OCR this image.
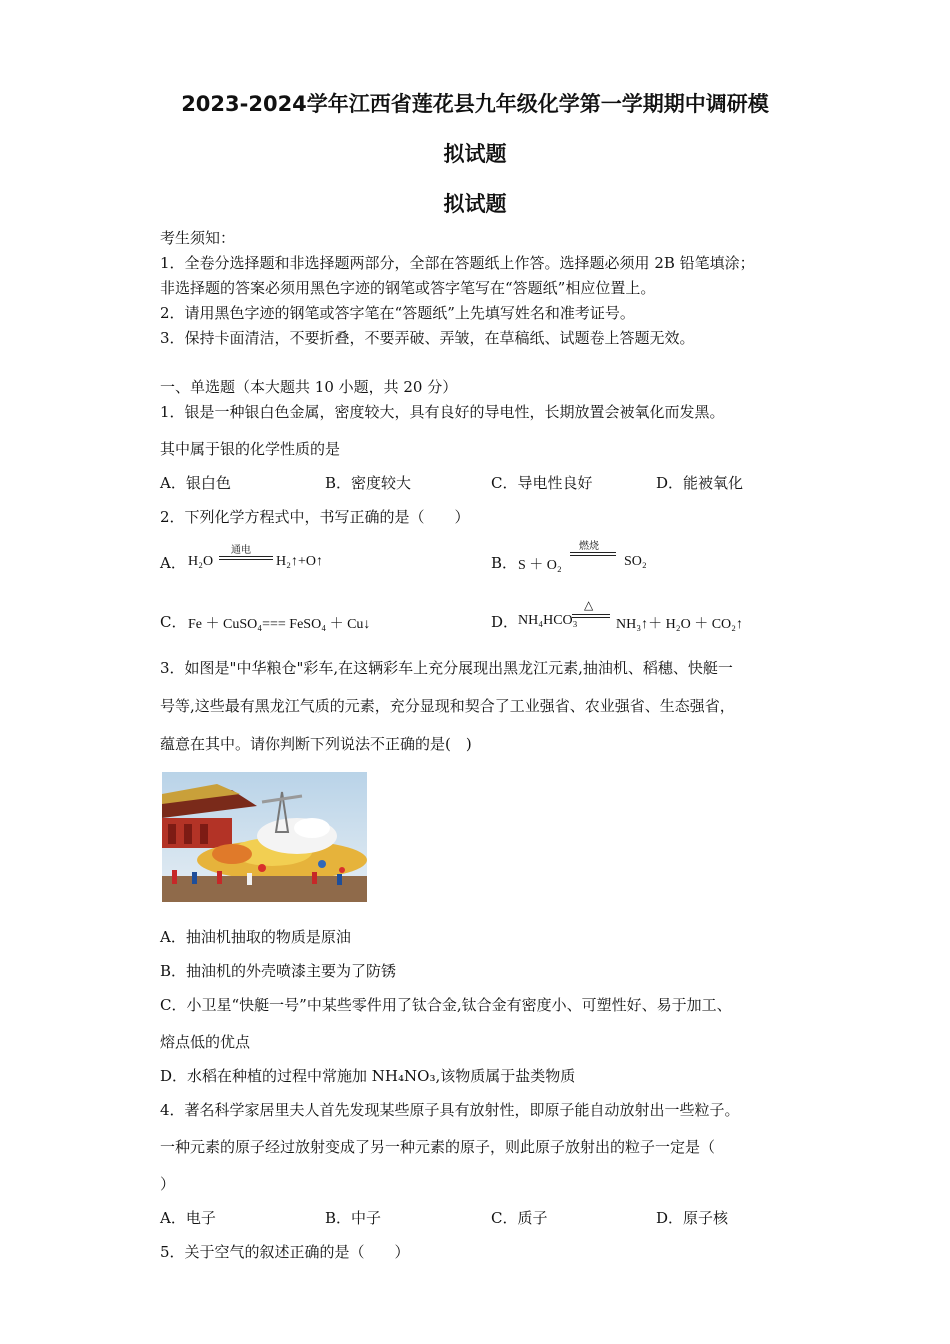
2023-2024学年江西省莲花县九年级化学第一学期期中调研模
拟试题
拟试题
考生须知：
1．全卷分选择题和非选择题两部分，全部在答题纸上作答。选择题必须用 2B 铅笔填涂；
非选择题的答案必须用黑色字迹的钢笔或答字笔写在“答题纸”相应位置上。
2．请用黑色字迹的钢笔或答字笔在“答题纸”上先填写姓名和准考证号。
3．保持卡面清洁，不要折叠，不要弄破、弄皱，在草稿纸、试题卷上答题无效。
一、单选题（本大题共 10 小题，共 20 分）
1．银是一种银白色金属，密度较大，具有良好的导电性，长期放置会被氧化而发黑。
其中属于银的化学性质的是
A．银白色	B．密度较大	C．导电性良好	D．能被氧化
2．下列化学方程式中，书写正确的是（　　）
A． H₂O
通电
H₂↑+O↑	B． S ＋ O₂
燃烧
SO₂
C． Fe ＋ CuSO₄=== FeSO₄ ＋ Cu↓	D． NH₄HCO₃
△
NH₃↑＋ H₂O ＋ CO₂↑
3．如图是"中华粮仓"彩车,在这辆彩车上充分展现出黑龙江元素,抽油机、稻穗、快艇一
号等,这些最有黑龙江气质的元素，充分显现和契合了工业强省、农业强省、生态强省，
蕴意在其中。请你判断下列说法不正确的是(　)
A．抽油机抽取的物质是原油
B．抽油机的外壳喷漆主要为了防锈
C．小卫星“快艇一号”中某些零件用了钛合金,钛合金有密度小、可塑性好、易于加工、
熔点低的优点
D．水稻在种植的过程中常施加 NH₄NO₃,该物质属于盐类物质
4．著名科学家居里夫人首先发现某些原子具有放射性，即原子能自动放射出一些粒子。
一种元素的原子经过放射变成了另一种元素的原子，则此原子放射出的粒子一定是（
）
A．电子	B．中子	C．质子	D．原子核
5．关于空气的叙述正确的是（　　）
